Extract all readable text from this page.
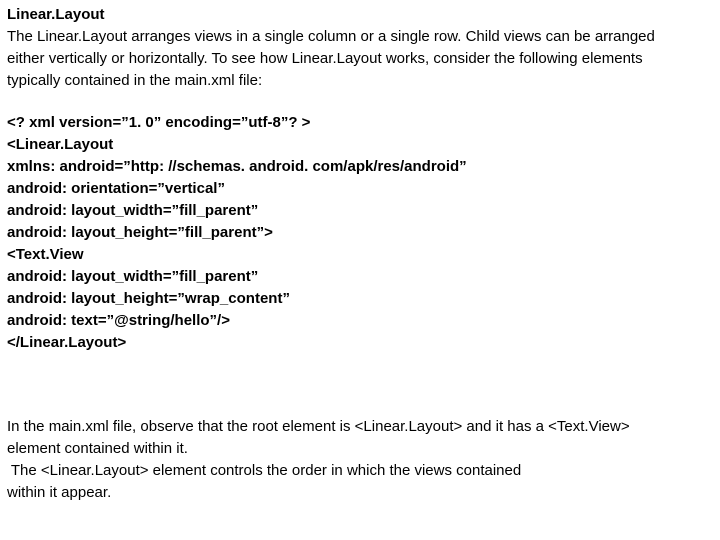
Linear.Layout
The Linear.Layout arranges views in a single column or a single row. Child views can be arranged
either vertically or horizontally. To see how Linear.Layout works, consider the following elements
typically contained in the main.xml file:
<? xml version=”1. 0” encoding=”utf-8”? >
<Linear.Layout
xmlns: android=”http: //schemas. android. com/apk/res/android”
android: orientation=”vertical”
android: layout_width=”fill_parent”
android: layout_height=”fill_parent”>
<Text.View
android: layout_width=”fill_parent”
android: layout_height=”wrap_content”
android: text=”@string/hello”/>
</Linear.Layout>
In the main.xml file, observe that the root element is <Linear.Layout> and it has a <Text.View>
element contained within it.
The <Linear.Layout> element controls the order in which the views contained
within it appear.
